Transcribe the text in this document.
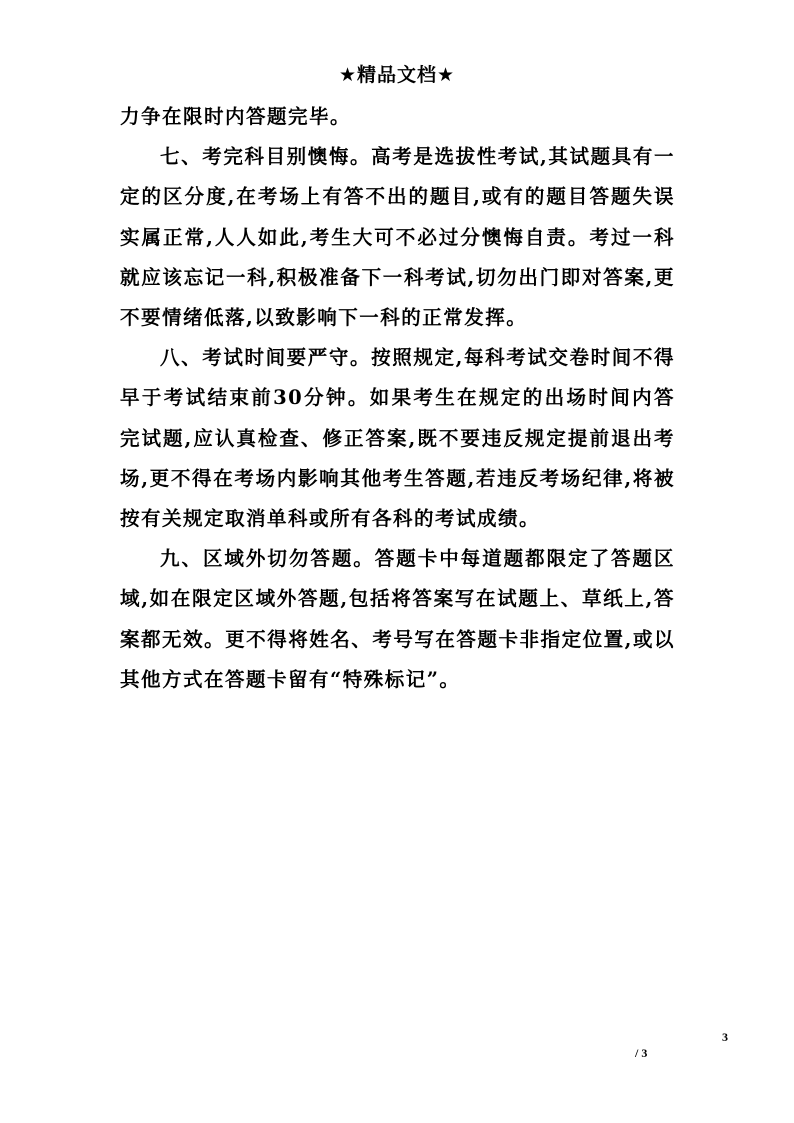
★精品文档★

力争在限时内答题完毕。

七、考完科目别懊悔。高考是选拔性考试,其试题具有一定的区分度,在考场上有答不出的题目,或有的题目答题失误实属正常,人人如此,考生大可不必过分懊悔自责。考过一科就应该忘记一科,积极准备下一科考试,切勿出门即对答案,更不要情绪低落,以致影响下一科的正常发挥。

八、考试时间要严守。按照规定,每科考试交卷时间不得早于考试结束前30分钟。如果考生在规定的出场时间内答完试题,应认真检查、修正答案,既不要违反规定提前退出考场,更不得在考场内影响其他考生答题,若违反考场纪律,将被按有关规定取消单科或所有各科的考试成绩。

九、区域外切勿答题。答题卡中每道题都限定了答题区域,如在限定区域外答题,包括将答案写在试题上、草纸上,答案都无效。更不得将姓名、考号写在答题卡非指定位置,或以其他方式在答题卡留有“特殊标记”。

3
/ 3
